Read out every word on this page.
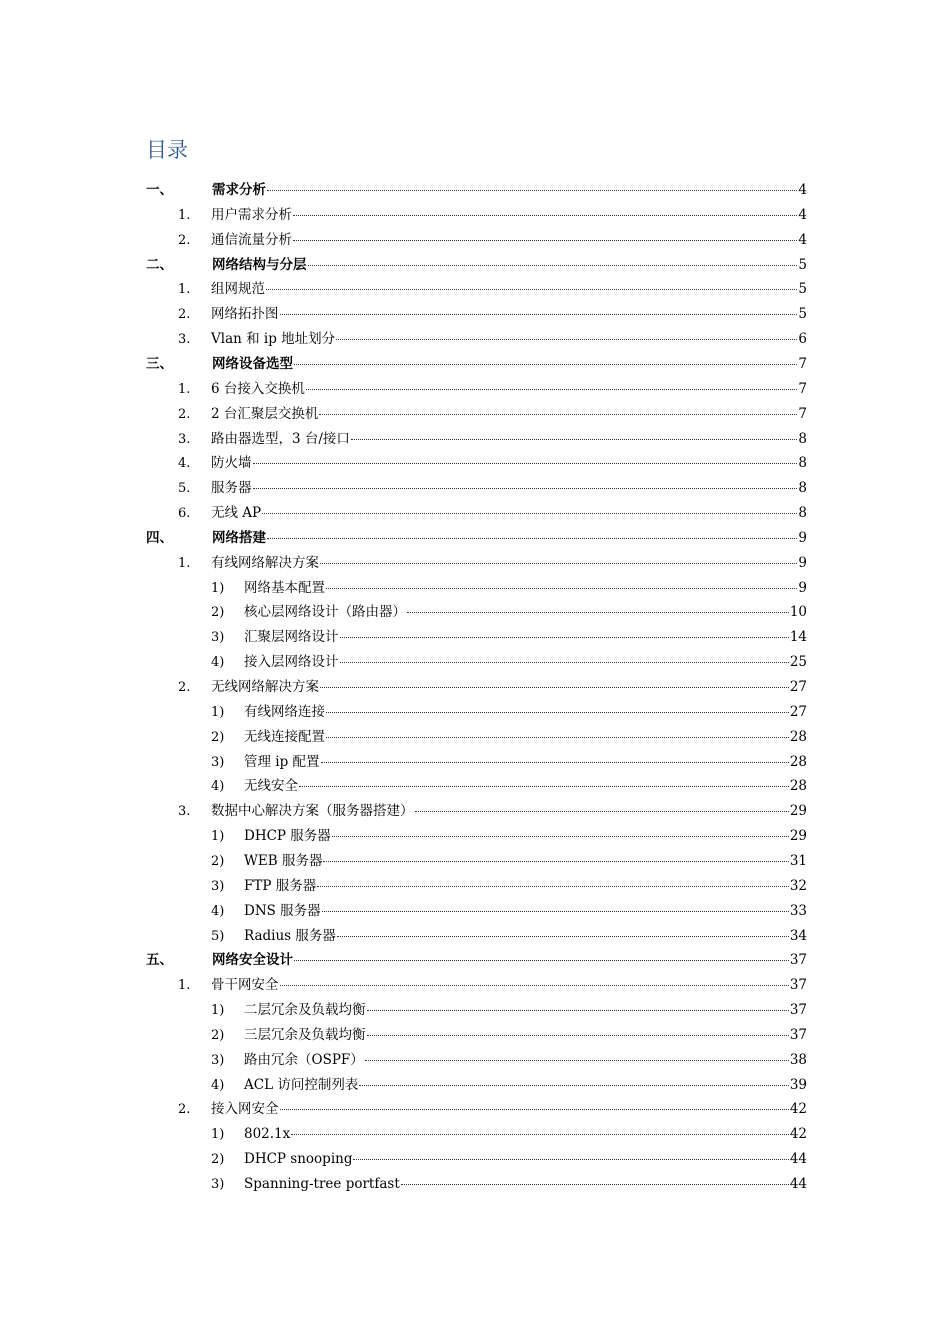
目录
一、	需求分析	4
1.	用户需求分析	4
2.	通信流量分析	4
二、	网络结构与分层	5
1.	组网规范	5
2.	网络拓扑图	5
3.	Vlan 和 ip 地址划分	6
三、	网络设备选型	7
1.	6 台接入交换机	7
2.	2 台汇聚层交换机	7
3.	路由器选型，3 台/接口	8
4.	防火墙	8
5.	服务器	8
6.	无线 AP	8
四、	网络搭建	9
1.	有线网络解决方案	9
1)	网络基本配置	9
2)	核心层网络设计（路由器）	10
3)	汇聚层网络设计	14
4)	接入层网络设计	25
2.	无线网络解决方案	27
1)	有线网络连接	27
2)	无线连接配置	28
3)	管理 ip 配置	28
4)	无线安全	28
3.	数据中心解决方案（服务器搭建）	29
1)	DHCP 服务器	29
2)	WEB 服务器	31
3)	FTP 服务器	32
4)	DNS 服务器	33
5)	Radius 服务器	34
五、	网络安全设计	37
1.	骨干网安全	37
1)	二层冗余及负载均衡	37
2)	三层冗余及负载均衡	37
3)	路由冗余（OSPF）	38
4)	ACL 访问控制列表	39
2.	接入网安全	42
1)	802.1x	42
2)	DHCP snooping	44
3)	Spanning-tree portfast	44
